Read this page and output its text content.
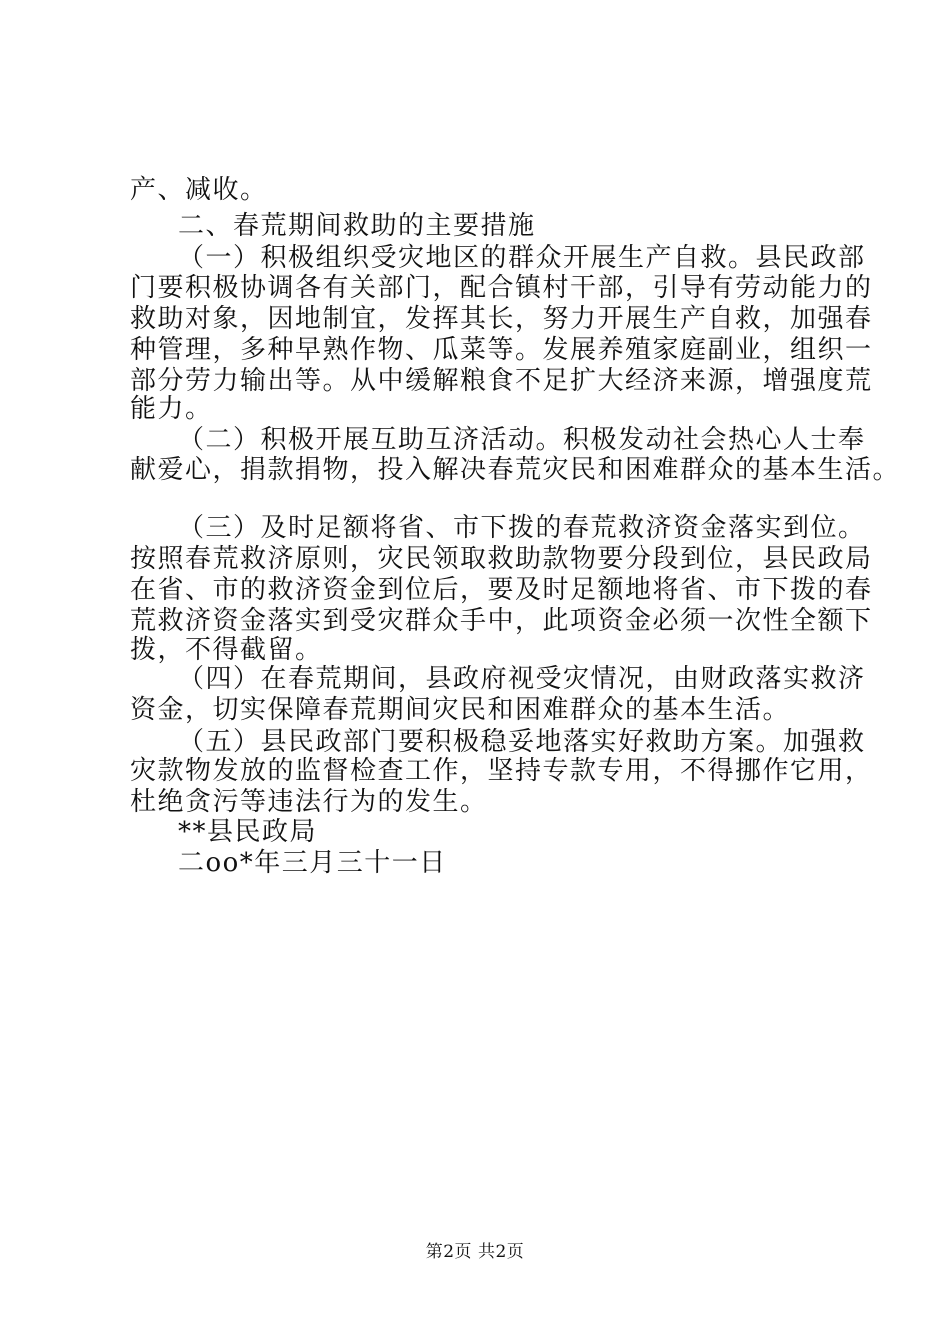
产、减收。
二、春荒期间救助的主要措施
（一）积极组织受灾地区的群众开展生产自救。县民政部
门要积极协调各有关部门，配合镇村干部，引导有劳动能力的
救助对象，因地制宜，发挥其长，努力开展生产自救，加强春
种管理，多种早熟作物、瓜菜等。发展养殖家庭副业，组织一
部分劳力输出等。从中缓解粮食不足扩大经济来源，增强度荒
能力。
（二）积极开展互助互济活动。积极发动社会热心人士奉
献爱心，捐款捐物，投入解决春荒灾民和困难群众的基本生活。
（三）及时足额将省、市下拨的春荒救济资金落实到位。
按照春荒救济原则，灾民领取救助款物要分段到位，县民政局
在省、市的救济资金到位后，要及时足额地将省、市下拨的春
荒救济资金落实到受灾群众手中，此项资金必须一次性全额下
拨，不得截留。
（四）在春荒期间，县政府视受灾情况，由财政落实救济
资金，切实保障春荒期间灾民和困难群众的基本生活。
（五）县民政部门要积极稳妥地落实好救助方案。加强救
灾款物发放的监督检查工作，坚持专款专用，不得挪作它用，
杜绝贪污等违法行为的发生。
**县民政局
二oo*年三月三十一日
第2页 共2页
